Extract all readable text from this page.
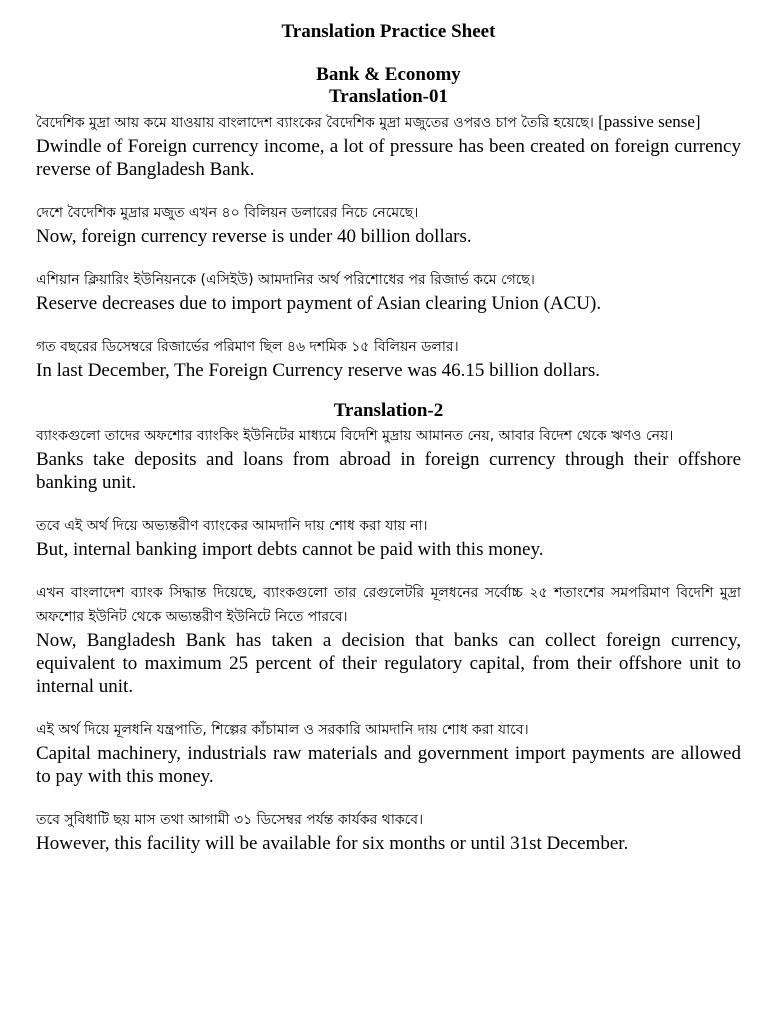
Translation Practice Sheet
Bank & Economy
Translation-01

বৈদেশিক মুদ্রা আয় কমে যাওয়ায় বাংলাদেশ ব্যাংকের বৈদেশিক মুদ্রা মজুতের ওপরও চাপ তৈরি হয়েছে। [passive sense]

Dwindle of Foreign currency income, a lot of pressure has been created on foreign currency reverse of Bangladesh Bank.

দেশে বৈদেশিক মুদ্রার মজুত এখন ৪০ বিলিয়ন ডলারের নিচে নেমেছে।

Now, foreign currency reverse is under 40 billion dollars.

এশিয়ান ক্লিয়ারিং ইউনিয়নকে (এসিইউ) আমদানির অর্থ পরিশোধের পর রিজার্ভ কমে গেছে।

Reserve decreases due to import payment of Asian clearing Union (ACU).

গত বছরের ডিসেম্বরে রিজার্ভের পরিমাণ ছিল ৪৬ দশমিক ১৫ বিলিয়ন ডলার।

In last December, The Foreign Currency reserve was 46.15 billion dollars.

Translation-2

ব্যাংকগুলো তাদের অফশোর ব্যাংকিং ইউনিটের মাধ্যমে বিদেশি মুদ্রায় আমানত নেয়, আবার বিদেশ থেকে ঋণও নেয়।

Banks take deposits and loans from abroad in foreign currency through their offshore banking unit.

তবে এই অর্থ দিয়ে অভ্যন্তরীণ ব্যাংকের আমদানি দায় শোধ করা যায় না।

But, internal banking import debts cannot be paid with this money.

এখন বাংলাদেশ ব্যাংক সিদ্ধান্ত দিয়েছে, ব্যাংকগুলো তার রেগুলেটরি মূলধনের সর্বোচ্চ ২৫ শতাংশের সমপরিমাণ বিদেশি মুদ্রা অফশোর ইউনিট থেকে অভ্যন্তরীণ ইউনিটে নিতে পারবে।

Now, Bangladesh Bank has taken a decision that banks can collect foreign currency, equivalent to maximum 25 percent of their regulatory capital, from their offshore unit to internal unit.

এই অর্থ দিয়ে মূলধনি যন্ত্রপাতি, শিল্পের কাঁচামাল ও সরকারি আমদানি দায় শোধ করা যাবে।

Capital machinery, industrials raw materials and government import payments are allowed to pay with this money.

তবে সুবিধাটি ছয় মাস তথা আগামী ৩১ ডিসেম্বর পর্যন্ত কার্যকর থাকবে।

However, this facility will be available for six months or until 31st December.
